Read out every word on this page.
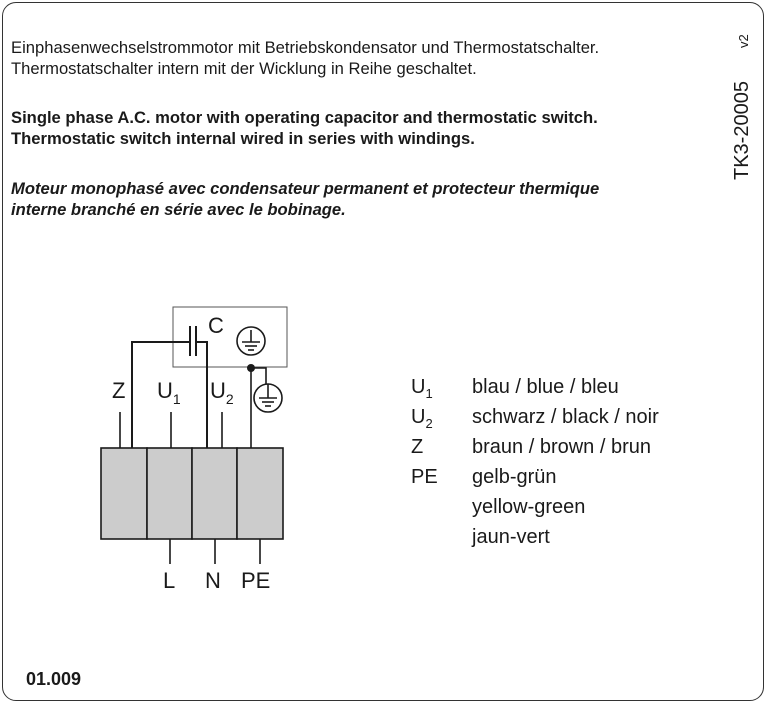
Einphasenwechselstrommotor mit Betriebskondensator und Thermostatschalter.
Thermostatschalter intern mit der Wicklung in Reihe geschaltet.
Single phase A.C. motor with operating capacitor and thermostatic switch.
Thermostatic switch internal wired in series with windings.
Moteur monophasé avec condensateur permanent et protecteur thermique
interne branché en série avec le bobinage.
TK3-20005
v2
C
Z $U_1$ $U_2$
L N PE
$U_1$ blau / blue / bleu
$U_2$ schwarz / black / noir
Z braun / brown / brun
PE gelb-grün
yellow-green
jaun-vert
01.009
